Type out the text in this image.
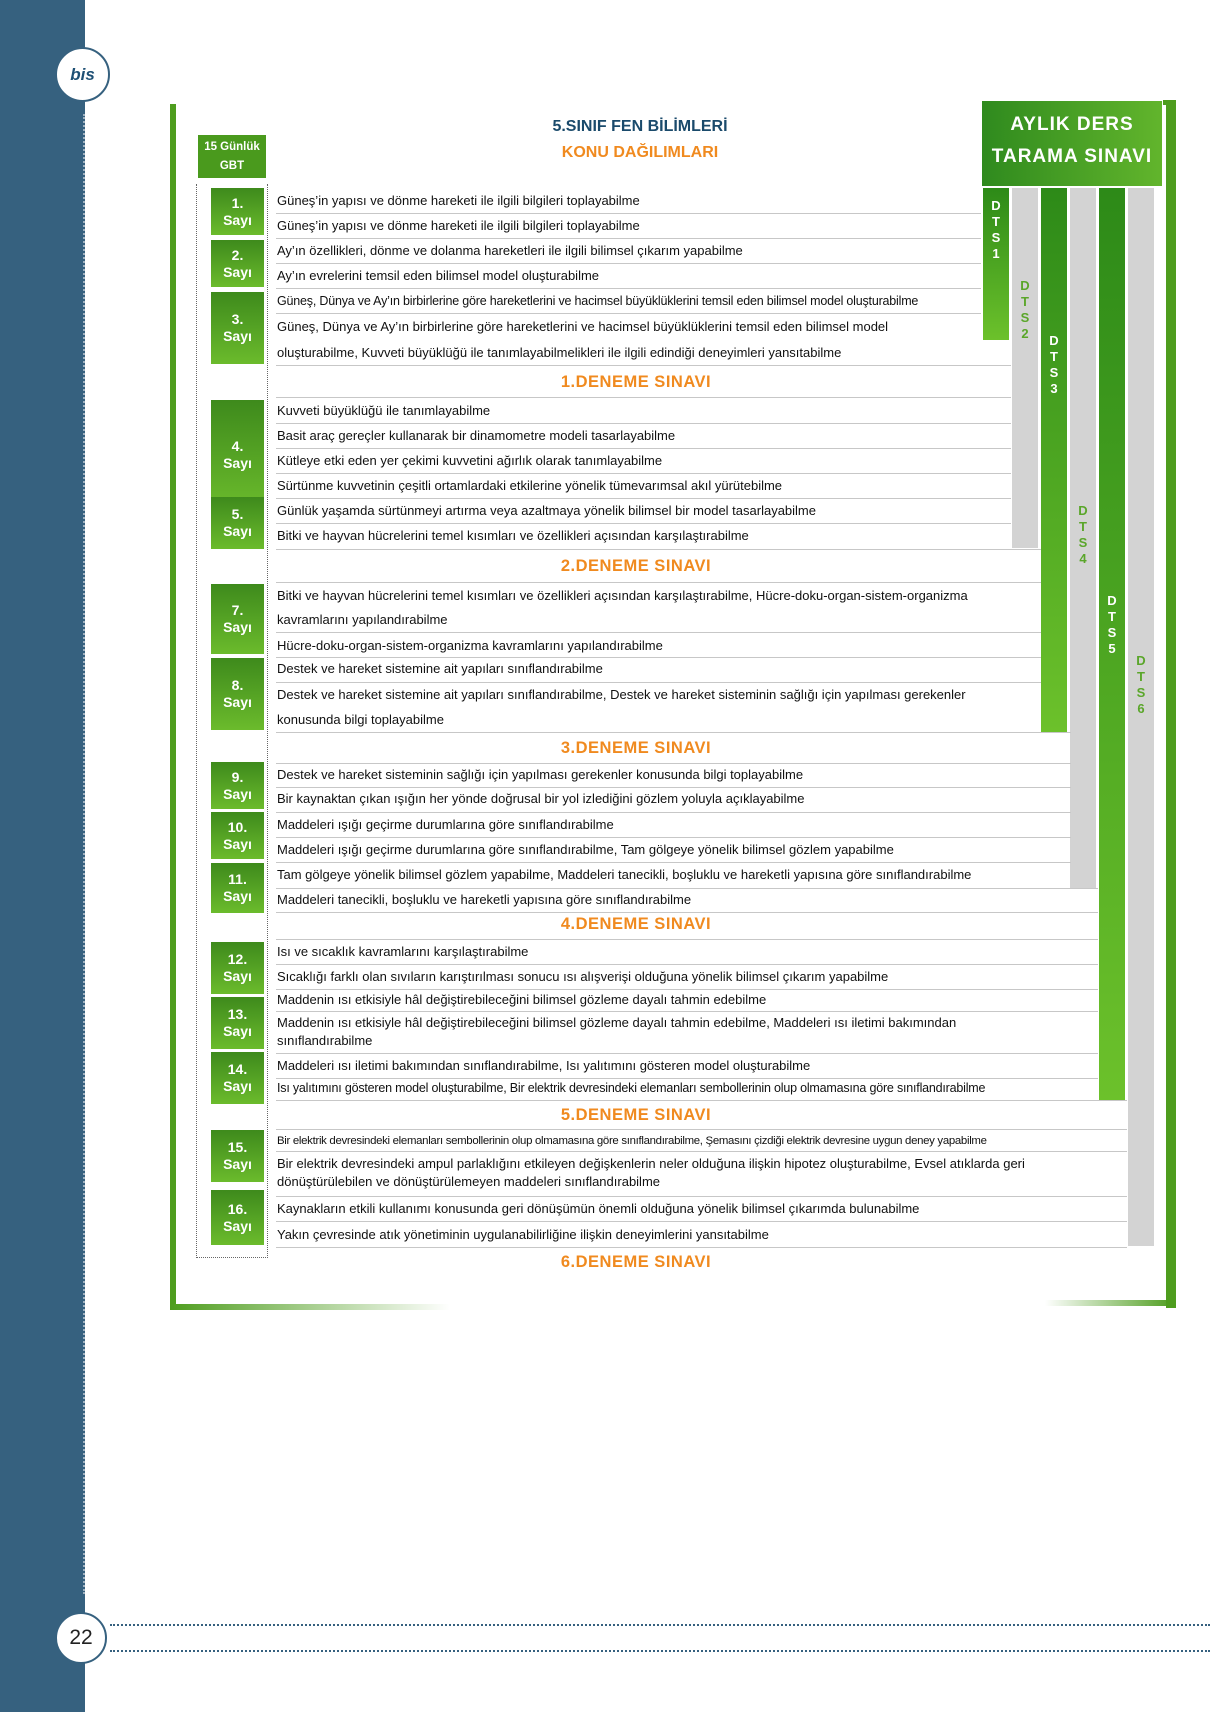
bis
22
5.SINIF FEN BİLİMLERİ
KONU DAĞILIMLARI
AYLIK DERS
TARAMA SINAVI
15 Günlük
GBT
D
T
S
1
D
T
S
2 D
T
S
3
D
T
S
4
D
T
S
5
D
T
S
6
1.
Sayı
2.
Sayı
3.
Sayı
4.
Sayı
5.
Sayı
7.
Sayı
8.
Sayı
9.
Sayı
10.
Sayı
11.
Sayı
12.
Sayı
13.
Sayı
14.
Sayı
15.
Sayı
16.
Sayı
Güneş’in yapısı ve dönme hareketi ile ilgili bilgileri toplayabilme
Güneş’in yapısı ve dönme hareketi ile ilgili bilgileri toplayabilme
Ay’ın özellikleri, dönme ve dolanma hareketleri ile ilgili bilimsel çıkarım yapabilme
Ay’ın evrelerini temsil eden bilimsel model oluşturabilme
Güneş, Dünya ve Ay’ın birbirlerine göre hareketlerini ve hacimsel büyüklüklerini temsil eden bilimsel model oluşturabilme
Güneş, Dünya ve Ay’ın birbirlerine göre hareketlerini ve hacimsel büyüklüklerini temsil eden bilimsel model
oluşturabilme, Kuvveti büyüklüğü ile tanımlayabilmelikleri ile ilgili edindiği deneyimleri yansıtabilme
1.DENEME SINAVI
Kuvveti büyüklüğü ile tanımlayabilme
Basit araç gereçler kullanarak bir dinamometre modeli tasarlayabilme
Kütleye etki eden yer çekimi kuvvetini ağırlık olarak tanımlayabilme
Sürtünme kuvvetinin çeşitli ortamlardaki etkilerine yönelik tümevarımsal akıl yürütebilme
Günlük yaşamda sürtünmeyi artırma veya azaltmaya yönelik bilimsel bir model tasarlayabilme
Bitki ve hayvan hücrelerini temel kısımları ve özellikleri açısından karşılaştırabilme
2.DENEME SINAVI
Bitki ve hayvan hücrelerini temel kısımları ve özellikleri açısından karşılaştırabilme, Hücre-doku-organ-sistem-organizma
kavramlarını yapılandırabilme
Hücre-doku-organ-sistem-organizma kavramlarını yapılandırabilme
Destek ve hareket sistemine ait yapıları sınıflandırabilme
Destek ve hareket sistemine ait yapıları sınıflandırabilme, Destek ve hareket sisteminin sağlığı için yapılması gerekenler
konusunda bilgi toplayabilme
3.DENEME SINAVI
Destek ve hareket sisteminin sağlığı için yapılması gerekenler konusunda bilgi toplayabilme
Bir kaynaktan çıkan ışığın her yönde doğrusal bir yol izlediğini gözlem yoluyla açıklayabilme
Maddeleri ışığı geçirme durumlarına göre sınıflandırabilme
Maddeleri ışığı geçirme durumlarına göre sınıflandırabilme, Tam gölgeye yönelik bilimsel gözlem yapabilme
Tam gölgeye yönelik bilimsel gözlem yapabilme, Maddeleri tanecikli, boşluklu ve hareketli yapısına göre sınıflandırabilme
Maddeleri tanecikli, boşluklu ve hareketli yapısına göre sınıflandırabilme
4.DENEME SINAVI
Isı ve sıcaklık kavramlarını karşılaştırabilme
Sıcaklığı farklı olan sıvıların karıştırılması sonucu ısı alışverişi olduğuna yönelik bilimsel çıkarım yapabilme
Maddenin ısı etkisiyle hâl değiştirebileceğini bilimsel gözleme dayalı tahmin edebilme
Maddenin ısı etkisiyle hâl değiştirebileceğini bilimsel gözleme dayalı tahmin edebilme, Maddeleri ısı iletimi bakımından sınıflandırabilme
Maddeleri ısı iletimi bakımından sınıflandırabilme, Isı yalıtımını gösteren model oluşturabilme
Isı yalıtımını gösteren model oluşturabilme, Bir elektrik devresindeki elemanları sembollerinin olup olmamasına göre sınıflandırabilme
5.DENEME SINAVI
Bir elektrik devresindeki elemanları sembollerinin olup olmamasına göre sınıflandırabilme, Şemasını çizdiği elektrik devresine uygun deney yapabilme
Bir elektrik devresindeki ampul parlaklığını etkileyen değişkenlerin neler olduğuna ilişkin hipotez oluşturabilme, Evsel atıklarda geri dönüştürülebilen ve dönüştürülemeyen maddeleri sınıflandırabilme
Kaynakların etkili kullanımı konusunda geri dönüşümün önemli olduğuna yönelik bilimsel çıkarımda bulunabilme
Yakın çevresinde atık yönetiminin uygulanabilirliğine ilişkin deneyimlerini yansıtabilme
6.DENEME SINAVI
